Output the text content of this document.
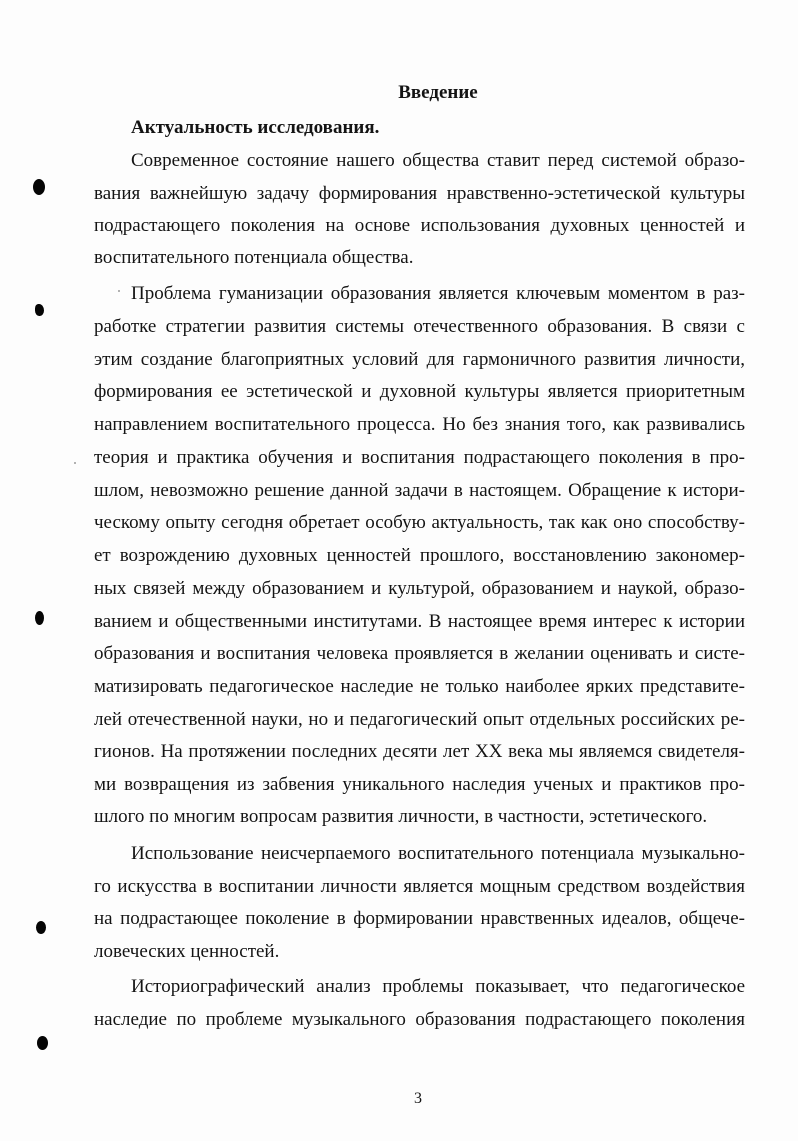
Введение
Актуальность исследования.
Современное состояние нашего общества ставит перед системой образо-
вания важнейшую задачу формирования нравственно-эстетической культуры
подрастающего поколения на основе использования духовных ценностей и
воспитательного потенциала общества.
Проблема гуманизации образования является ключевым моментом в раз-
работке стратегии развития системы отечественного образования. В связи с
этим создание благоприятных условий для гармоничного развития личности,
формирования ее эстетической и духовной культуры является приоритетным
направлением воспитательного процесса. Но без знания того, как развивались
теория и практика обучения и воспитания подрастающего поколения в про-
шлом, невозможно решение данной задачи в настоящем. Обращение к истори-
ческому опыту сегодня обретает особую актуальность, так как оно способству-
ет возрождению духовных ценностей прошлого, восстановлению закономер-
ных связей между образованием и культурой, образованием и наукой, образо-
ванием и общественными институтами. В настоящее время интерес к истории
образования и воспитания человека проявляется в желании оценивать и систе-
матизировать педагогическое наследие не только наиболее ярких представите-
лей отечественной науки, но и педагогический опыт отдельных российских ре-
гионов. На протяжении последних десяти лет XX века мы являемся свидетеля-
ми возвращения из забвения уникального наследия ученых и практиков про-
шлого по многим вопросам развития личности, в частности, эстетического.
Использование неисчерпаемого воспитательного потенциала музыкально-
го искусства в воспитании личности является мощным средством воздействия
на подрастающее поколение в формировании нравственных идеалов, общече-
ловеческих ценностей.
Историографический анализ проблемы показывает, что педагогическое
наследие по проблеме музыкального образования подрастающего поколения
3
